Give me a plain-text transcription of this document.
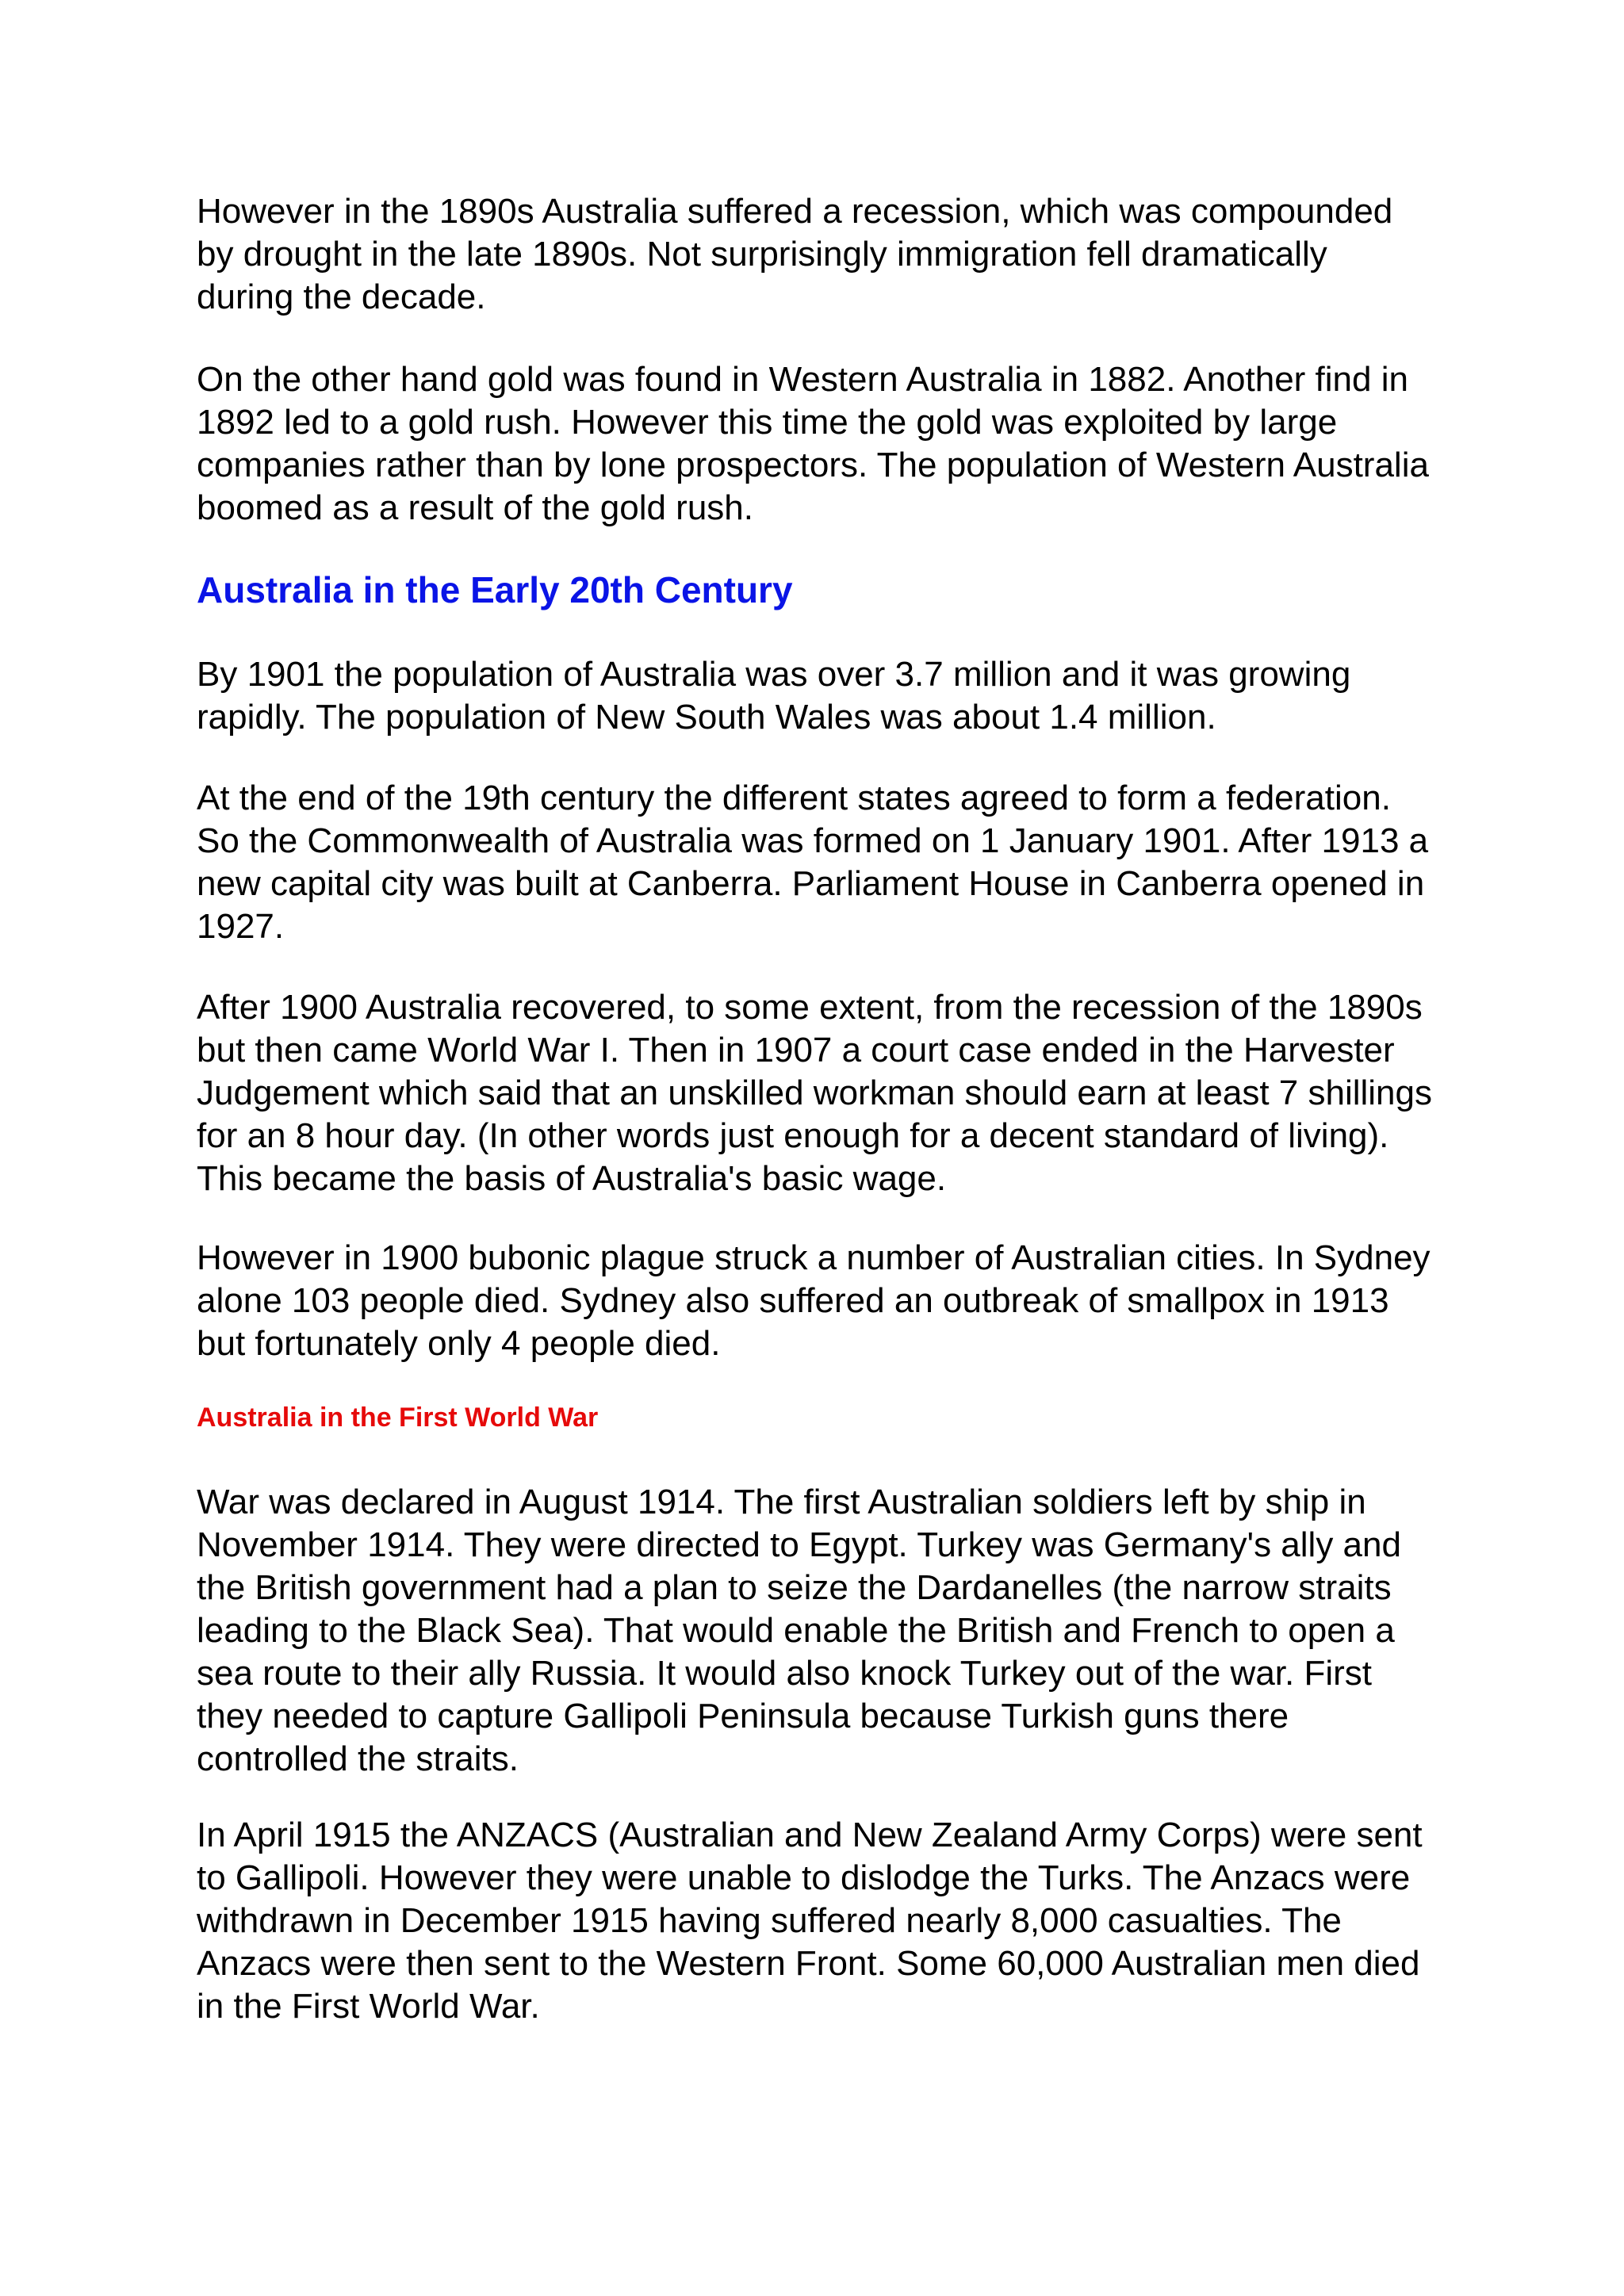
However in the 1890s Australia suffered a recession, which was compounded by drought in the late 1890s. Not surprisingly immigration fell dramatically during the decade.

On the other hand gold was found in Western Australia in 1882. Another find in 1892 led to a gold rush. However this time the gold was exploited by large companies rather than by lone prospectors. The population of Western Australia boomed as a result of the gold rush.

Australia in the Early 20th Century

By 1901 the population of Australia was over 3.7 million and it was growing rapidly. The population of New South Wales was about 1.4 million.

At the end of the 19th century the different states agreed to form a federation. So the Commonwealth of Australia was formed on 1 January 1901. After 1913 a new capital city was built at Canberra. Parliament House in Canberra opened in 1927.

After 1900 Australia recovered, to some extent, from the recession of the 1890s but then came World War I. Then in 1907 a court case ended in the Harvester Judgement which said that an unskilled workman should earn at least 7 shillings for an 8 hour day. (In other words just enough for a decent standard of living). This became the basis of Australia's basic wage.

However in 1900 bubonic plague struck a number of Australian cities. In Sydney alone 103 people died. Sydney also suffered an outbreak of smallpox in 1913 but fortunately only 4 people died.

Australia in the First World War

War was declared in August 1914. The first Australian soldiers left by ship in November 1914. They were directed to Egypt. Turkey was Germany's ally and the British government had a plan to seize the Dardanelles (the narrow straits leading to the Black Sea). That would enable the British and French to open a sea route to their ally Russia. It would also knock Turkey out of the war. First they needed to capture Gallipoli Peninsula because Turkish guns there controlled the straits.

In April 1915 the ANZACS (Australian and New Zealand Army Corps) were sent to Gallipoli. However they were unable to dislodge the Turks. The Anzacs were withdrawn in December 1915 having suffered nearly 8,000 casualties. The Anzacs were then sent to the Western Front. Some 60,000 Australian men died in the First World War.
